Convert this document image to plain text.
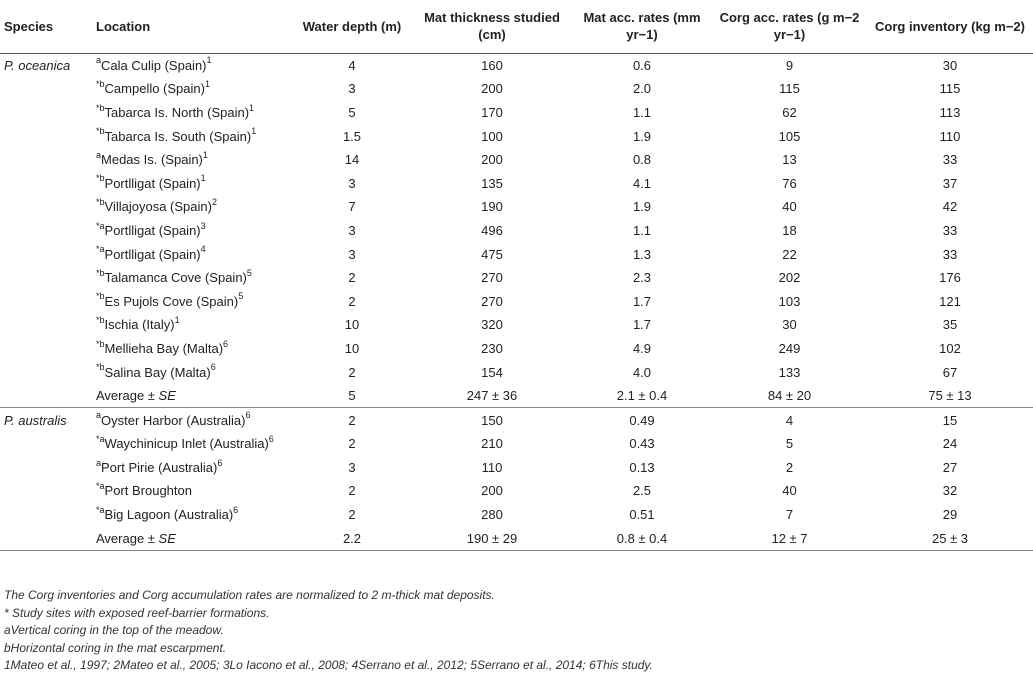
Species	Location	Water depth (m)	Mat thickness studied (cm)	Mat acc. rates (mm yr−1)	Corg acc. rates (g m−2 yr−1)	Corg inventory (kg m−2)
P. oceanica	$^a$Cala Culip (Spain)$^1$	4	160	0.6	9	30
	$^{*b}$Campello (Spain)$^1$	3	200	2.0	115	115
	$^{*b}$Tabarca Is. North (Spain)$^1$	5	170	1.1	62	113
	$^{*b}$Tabarca Is. South (Spain)$^1$	1.5	100	1.9	105	110
	$^a$Medas Is. (Spain)$^1$	14	200	0.8	13	33
	$^{*b}$Portlligat (Spain)$^1$	3	135	4.1	76	37
	$^{*b}$Villajoyosa (Spain)$^2$	7	190	1.9	40	42
	$^{*a}$Portlligat (Spain)$^3$	3	496	1.1	18	33
	$^{*a}$Portlligat (Spain)$^4$	3	475	1.3	22	33
	$^{*b}$Talamanca Cove (Spain)$^5$	2	270	2.3	202	176
	$^{*b}$Es Pujols Cove (Spain)$^5$	2	270	1.7	103	121
	$^{*b}$Ischia (Italy)$^1$	10	320	1.7	30	35
	$^{*b}$Mellieha Bay (Malta)$^6$	10	230	4.9	249	102
	$^{*b}$Salina Bay (Malta)$^6$	2	154	4.0	133	67
	Average ± SE	5	247 ± 36	2.1 ± 0.4	84 ± 20	75 ± 13
P. australis	$^a$Oyster Harbor (Australia)$^6$	2	150	0.49	4	15
	$^{*a}$Waychinicup Inlet (Australia)$^6$	2	210	0.43	5	24
	$^a$Port Pirie (Australia)$^6$	3	110	0.13	2	27
	$^{*a}$Port Broughton	2	200	2.5	40	32
	$^{*a}$Big Lagoon (Australia)$^6$	2	280	0.51	7	29
	Average ± SE	2.2	190 ± 29	0.8 ± 0.4	12 ± 7	25 ± 3
The Corg inventories and Corg accumulation rates are normalized to 2 m-thick mat deposits.
* Study sites with exposed reef-barrier formations.
aVertical coring in the top of the meadow.
bHorizontal coring in the mat escarpment.
1Mateo et al., 1997; 2Mateo et al., 2005; 3Lo Iacono et al., 2008; 4Serrano et al., 2012; 5Serrano et al., 2014; 6This study.
